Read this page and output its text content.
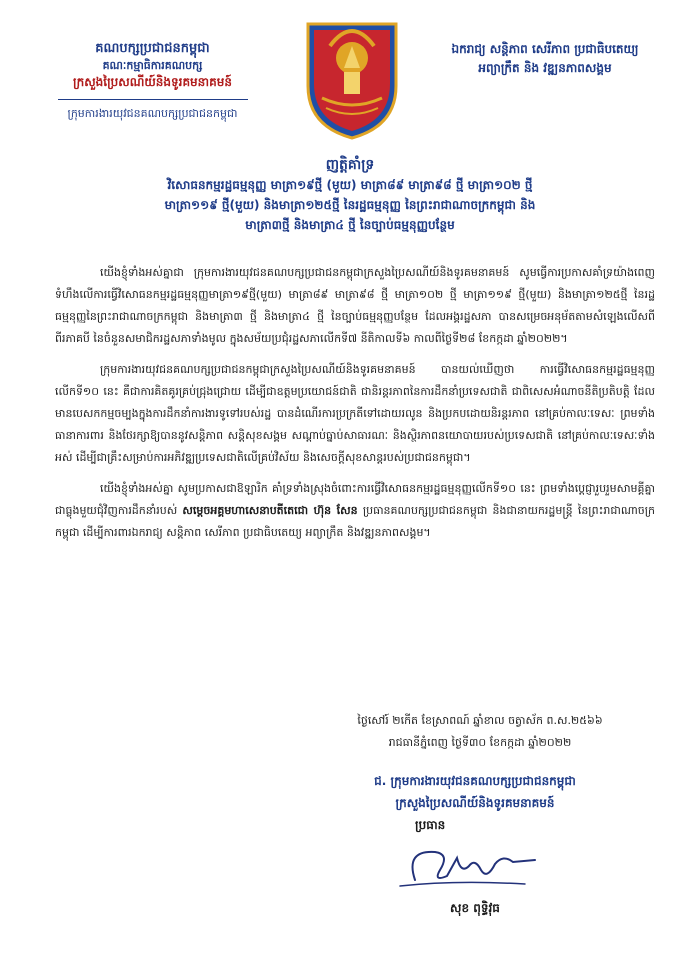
គណបក្សប្រជាជនកម្ពុជា
គណៈកម្មាធិការគណបក្ស
ក្រសួងប្រៃសណីយ៍និងទូរគមនាគមន៍
ក្រុមការងារយុវជនគណបក្សប្រជាជនកម្ពុជា
ឯករាជ្យ សន្តិភាព សេរីភាព ប្រជាធិបតេយ្យ
អព្យាក្រឹត និង វឌ្ឍនភាពសង្គម
ញត្តិគាំទ្រ
វិសោធនកម្មរដ្ឋធម្មនុញ្ញ មាត្រា១៩ថ្មី (មួយ) មាត្រា៨៩ មាត្រា៩៨ ថ្មី មាត្រា១០២ ថ្មី
មាត្រា១១៩ ថ្មី(មួយ) និងមាត្រា១២៥ថ្មី នៃរដ្ឋធម្មនុញ្ញ នៃព្រះរាជាណាចក្រកម្ពុជា និង
មាត្រា៣ថ្មី និងមាត្រា៤ ថ្មី នៃច្បាប់ធម្មនុញ្ញបន្ថែម

យើងខ្ញុំទាំងអស់គ្នាជា ក្រុមការងារយុវជនគណបក្សប្រជាជនកម្ពុជាក្រសួងប្រៃសណីយ៍និងទូរគមនាគមន៍ សូមធ្វើការប្រកាសគាំទ្រយ៉ាងពេញទំហឹងលើការធ្វើវិសោធនកម្មរដ្ឋធម្មនុញ្ញមាត្រា១៩ថ្មី(មួយ) មាត្រា៨៩ មាត្រា៩៨ ថ្មី មាត្រា១០២ ថ្មី មាត្រា១១៩ ថ្មី(មួយ) និងមាត្រា១២៥ថ្មី នៃរដ្ឋធម្មនុញ្ញនៃព្រះរាជាណាចក្រកម្ពុជា និងមាត្រា៣ ថ្មី និងមាត្រា៤ ថ្មី នៃច្បាប់ធម្មនុញ្ញបន្ថែម ដែលអង្គរដ្ឋសភា បានសម្រេចអនុម័តតាមសំឡេងលើសពីពីរភាគបី នៃចំនួនសមាជិករដ្ឋសភាទាំងមូល ក្នុងសម័យប្រជុំរដ្ឋសភាលើកទី៧ នីតិកាលទី៦ កាលពីថ្ងៃទី២៨ ខែកក្កដា ឆ្នាំ២០២២។

ក្រុមការងារយុវជនគណបក្សប្រជាជនកម្ពុជាក្រសួងប្រៃសណីយ៍និងទូរគមនាគមន៍ បានយល់ឃើញថា ការធ្វើវិសោធនកម្មរដ្ឋធម្មនុញ្ញ លើកទី១០ នេះ គឺជាការគិតគូរគ្រប់ជ្រុងជ្រោយ ដើម្បីជាឧត្តមប្រយោជន៍ជាតិ ជានិរន្តរភាពនៃការដឹកនាំប្រទេសជាតិ ជាពិសេសអំណាចនីតិប្រតិបត្តិ ដែលមានបេសកកម្មចម្បងក្នុងការដឹកនាំការងារទូទៅរបស់រដ្ឋ បានដំណើរការប្រក្រតីទៅដោយរលូន និងប្រកបដោយនិរន្តរភាព នៅគ្រប់កាលៈទេសៈ ព្រមទាំងធានាការពារ និងថែរក្សាឱ្យបាននូវសន្តិភាព សន្តិសុខសង្គម សណ្តាប់ធ្នាប់សាធារណៈ និងស្ថិរភាពនយោបាយរបស់ប្រទេសជាតិ នៅគ្រប់កាលៈទេសៈទាំងអស់ ដើម្បីជាគ្រឹះសម្រាប់ការអភិវឌ្ឍប្រទេសជាតិលើគ្រប់វិស័យ និងសេចក្តីសុខសាន្តរបស់ប្រជាជនកម្ពុជា។

យើងខ្ញុំទាំងអស់គ្នា សូមប្រកាសជាឱឡារិក គាំទ្រទាំងស្រុងចំពោះការធ្វើវិសោធនកម្មរដ្ឋធម្មនុញ្ញលើកទី១០ នេះ ព្រមទាំងប្តេជ្ញារួបរួមសាមគ្គីគ្នាជាធ្លុងមួយជុំវិញការដឹកនាំរបស់ សម្តេចអគ្គមហាសេនាបតីតេជោ ហ៊ុន សែន ប្រធានគណបក្សប្រជាជនកម្ពុជា និងជានាយករដ្ឋមន្ត្រី នៃព្រះរាជាណាចក្រកម្ពុជា ដើម្បីការពារឯករាជ្យ សន្តិភាព សេរីភាព ប្រជាធិបតេយ្យ អព្យាក្រឹត និងវឌ្ឍនភាពសង្គម។

ថ្ងៃសៅរ៍ ២កើត ខែស្រាពណ៍ ឆ្នាំខាល ចត្វាស័ក ព.ស.២៥៦៦
រាជធានីភ្នំពេញ ថ្ងៃទី៣០ ខែកក្កដា ឆ្នាំ២០២២
ជ. ក្រុមការងារយុវជនគណបក្សប្រជាជនកម្ពុជា
ក្រសួងប្រៃសណីយ៍និងទូរគមនាគមន៍
ប្រធាន
សុខ ពុទ្ធិវុធ
